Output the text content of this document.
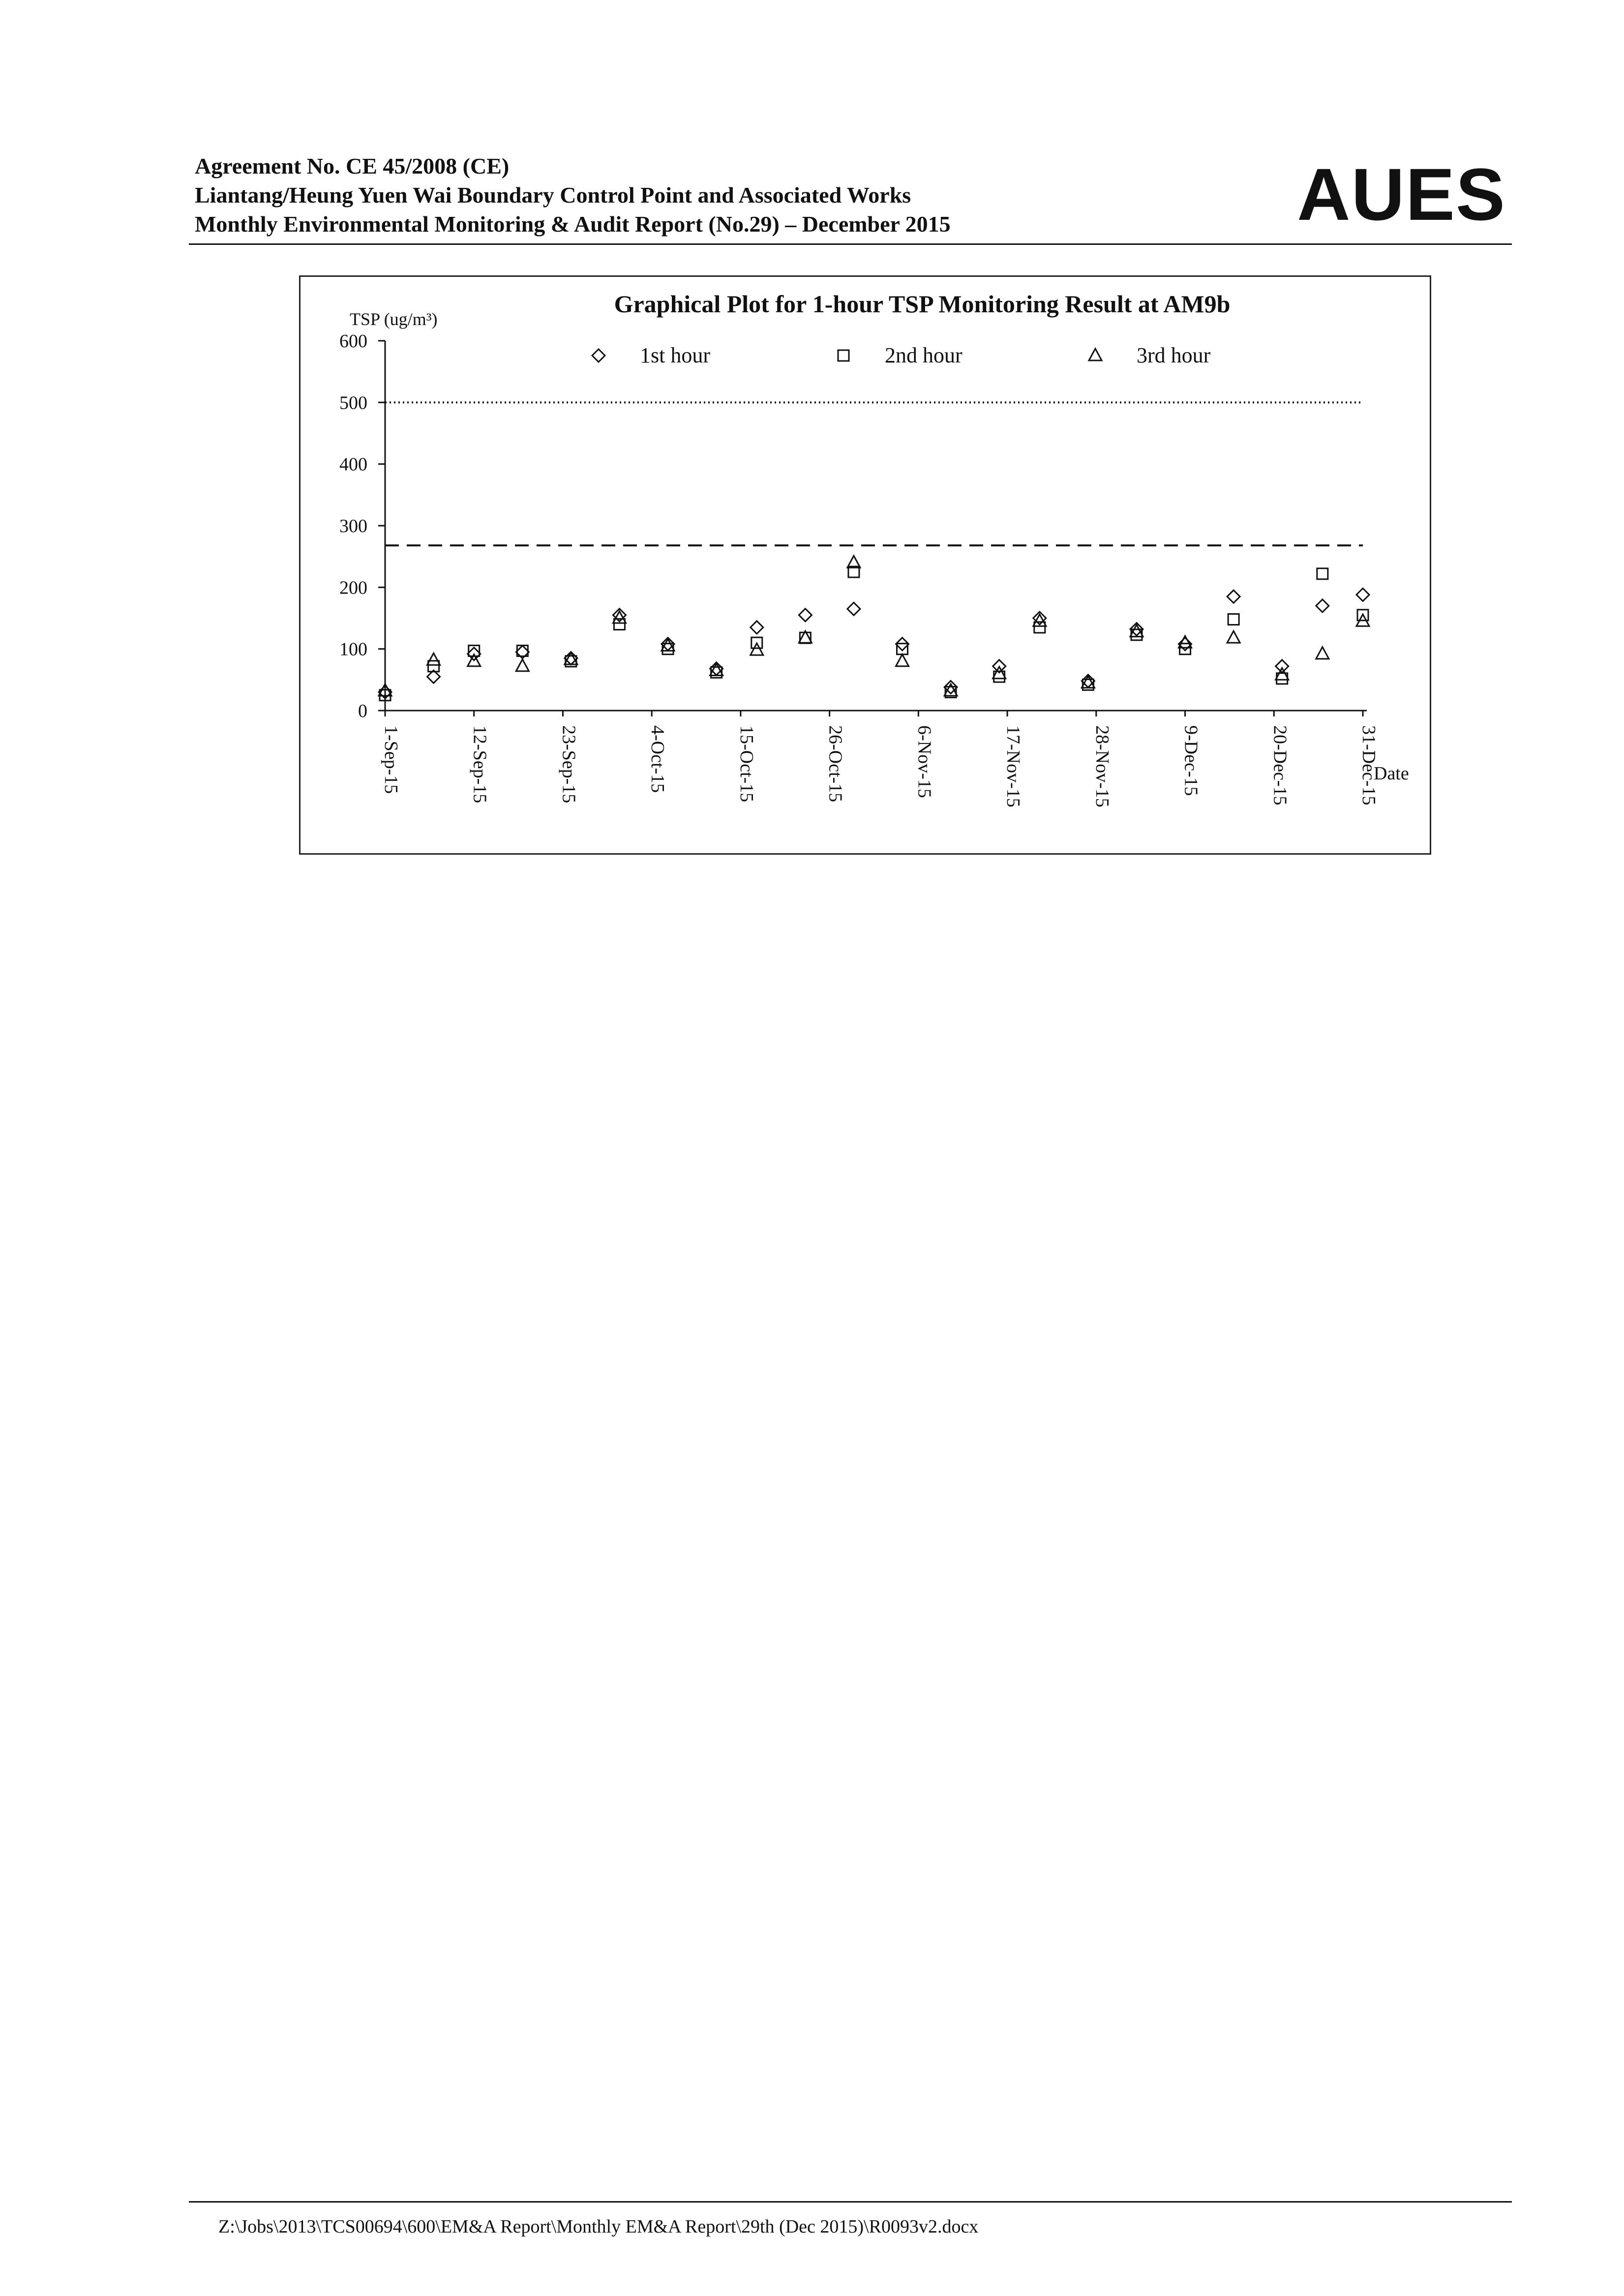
Agreement No. CE 45/2008 (CE)
Liantang/Heung Yuen Wai Boundary Control Point and Associated Works
Monthly Environmental Monitoring & Audit Report (No.29) – December 2015	AUES
Graphical Plot for 1-hour TSP Monitoring Result at AM9b
TSP (ug/m³)
0
100
200
300
400
500
600
1-Sep-15	12-Sep-15	23-Sep-15	4-Oct-15	15-Oct-15	26-Oct-15	6-Nov-15	17-Nov-15	28-Nov-15	9-Dec-15	20-Dec-15	31-Dec-15
Date
1st hour	2nd hour	3rd hour
Z:\Jobs\2013\TCS00694\600\EM&A Report\Monthly EM&A Report\29th (Dec 2015)\R0093v2.docx
